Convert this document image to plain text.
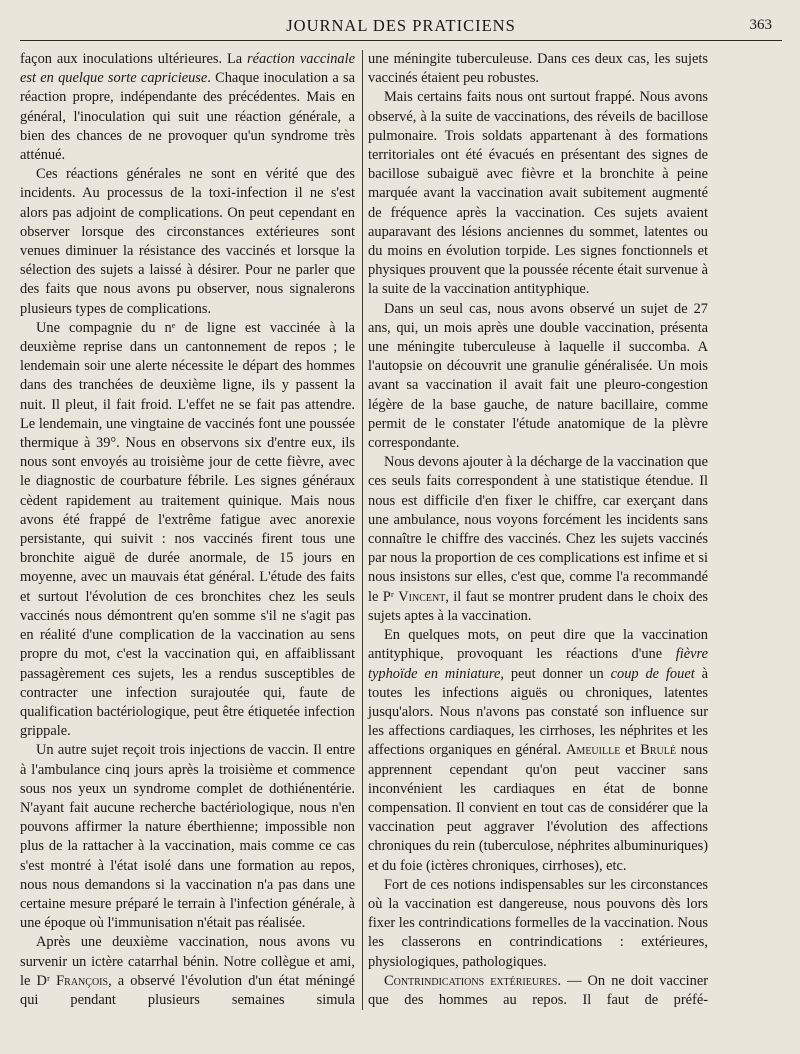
JOURNAL DES PRATICIENS	363

façon aux inoculations ultérieures. La réaction vaccinale est en quelque sorte capricieuse. Chaque inoculation a sa réaction propre, indépendante des précédentes. Mais en général, l'inoculation qui suit une réaction générale, a bien des chances de ne provoquer qu'un syndrome très atténué.

Ces réactions générales ne sont en vérité que des incidents. Au processus de la toxi-infection il ne s'est alors pas adjoint de complications. On peut cependant en observer lorsque des circonstances extérieures sont venues diminuer la résistance des vaccinés et lorsque la sélection des sujets a laissé à désirer. Pour ne parler que des faits que nous avons pu observer, nous signalerons plusieurs types de complications.

Une compagnie du nᵉ de ligne est vaccinée à la deuxième reprise dans un cantonnement de repos ; le lendemain soir une alerte nécessite le départ des hommes dans des tranchées de deuxième ligne, ils y passent la nuit. Il pleut, il fait froid. L'effet ne se fait pas attendre. Le lendemain, une vingtaine de vaccinés font une poussée thermique à 39°. Nous en observons six d'entre eux, ils nous sont envoyés au troisième jour de cette fièvre, avec le diagnostic de courbature fébrile. Les signes généraux cèdent rapidement au traitement quinique. Mais nous avons été frappé de l'extrême fatigue avec anorexie persistante, qui suivit : nos vaccinés firent tous une bronchite aiguë de durée anormale, de 15 jours en moyenne, avec un mauvais état général. L'étude des faits et surtout l'évolution de ces bronchites chez les seuls vaccinés nous démontrent qu'en somme s'il ne s'agit pas en réalité d'une complication de la vaccination au sens propre du mot, c'est la vaccination qui, en affaiblissant passagèrement ces sujets, les a rendus susceptibles de contracter une infection surajoutée qui, faute de qualification bactériologique, peut être étiquetée infection grippale.

Un autre sujet reçoit trois injections de vaccin. Il entre à l'ambulance cinq jours après la troisième et commence sous nos yeux un syndrome complet de dothiénentérie. N'ayant fait aucune recherche bactériologique, nous n'en pouvons affirmer la nature éberthienne; impossible non plus de la rattacher à la vaccination, mais comme ce cas s'est montré à l'état isolé dans une formation au repos, nous nous demandons si la vaccination n'a pas dans une certaine mesure préparé le terrain à l'infection générale, à une époque où l'immunisation n'était pas réalisée.

Après une deuxième vaccination, nous avons vu survenir un ictère catarrhal bénin. Notre collègue et ami, le Dʳ François, a observé l'évolution d'un état méningé qui pendant plusieurs semaines simula

une méningite tuberculeuse. Dans ces deux cas, les sujets vaccinés étaient peu robustes.

Mais certains faits nous ont surtout frappé. Nous avons observé, à la suite de vaccinations, des réveils de bacillose pulmonaire. Trois soldats appartenant à des formations territoriales ont été évacués en présentant des signes de bacillose subaiguë avec fièvre et la bronchite à peine marquée avant la vaccination avait subitement augmenté de fréquence après la vaccination. Ces sujets avaient auparavant des lésions anciennes du sommet, latentes ou du moins en évolution torpide. Les signes fonctionnels et physiques prouvent que la poussée récente était survenue à la suite de la vaccination antityphique.

Dans un seul cas, nous avons observé un sujet de 27 ans, qui, un mois après une double vaccination, présenta une méningite tuberculeuse à laquelle il succomba. A l'autopsie on découvrit une granulie généralisée. Un mois avant sa vaccination il avait fait une pleuro-congestion légère de la base gauche, de nature bacillaire, comme permit de le constater l'étude anatomique de la plèvre correspondante.

Nous devons ajouter à la décharge de la vaccination que ces seuls faits correspondent à une statistique étendue. Il nous est difficile d'en fixer le chiffre, car exerçant dans une ambulance, nous voyons forcément les incidents sans connaître le chiffre des vaccinés. Chez les sujets vaccinés par nous la proportion de ces complications est infime et si nous insistons sur elles, c'est que, comme l'a recommandé le Pʳ Vincent, il faut se montrer prudent dans le choix des sujets aptes à la vaccination.

En quelques mots, on peut dire que la vaccination antityphique, provoquant les réactions d'une fièvre typhoïde en miniature, peut donner un coup de fouet à toutes les infections aiguës ou chroniques, latentes jusqu'alors. Nous n'avons pas constaté son influence sur les affections cardiaques, les cirrhoses, les néphrites et les affections organiques en général. Ameuille et Brulé nous apprennent cependant qu'on peut vacciner sans inconvénient les cardiaques en état de bonne compensation. Il convient en tout cas de considérer que la vaccination peut aggraver l'évolution des affections chroniques du rein (tuberculose, néphrites albuminuriques) et du foie (ictères chroniques, cirrhoses), etc.

Fort de ces notions indispensables sur les circonstances où la vaccination est dangereuse, nous pouvons dès lors fixer les contrindications formelles de la vaccination. Nous les classerons en contrindications : extérieures, physiologiques, pathologiques.

Contrindications extérieures. — On ne doit vacciner que des hommes au repos. Il faut de préfé-
